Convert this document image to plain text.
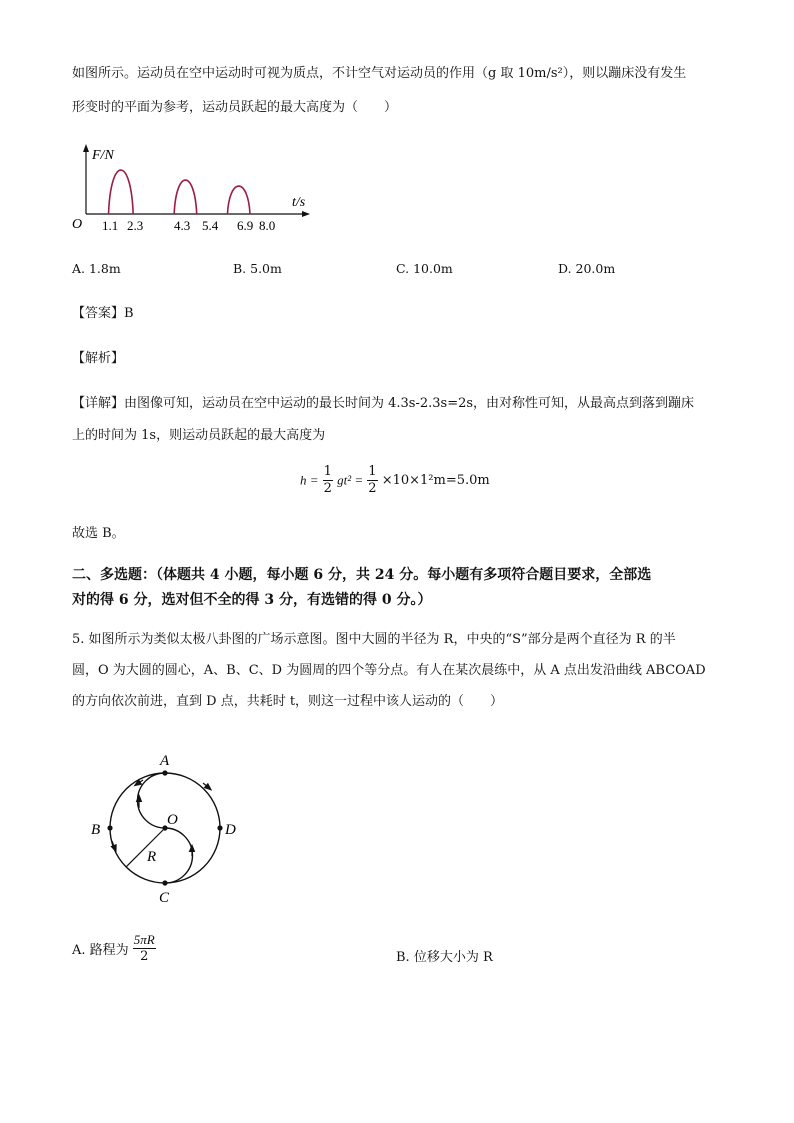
如图所示。运动员在空中运动时可视为质点，不计空气对运动员的作用（g 取 10m/s²），则以蹦床没有发生
形变时的平面为参考，运动员跃起的最大高度为（　　）
F/N
t/s
O 1.1 2.3 4.3 5.4 6.9 8.0
A. 1.8m	B. 5.0m	C. 10.0m	D. 20.0m
【答案】B
【解析】
【详解】由图像可知，运动员在空中运动的最长时间为 4.3s-2.3s=2s，由对称性可知，从最高点到落到蹦床
上的时间为 1s，则运动员跃起的最大高度为
$h = \frac{1}{2} gt^2 = \frac{1}{2} \times 10\times 1^2m=5.0m$
故选 B。
二、多选题：（体题共 4 小题，每小题 6 分，共 24 分。每小题有多项符合题目要求，全部选
对的得 6 分，选对但不全的得 3 分，有选错的得 0 分。）
5. 如图所示为类似太极八卦图的广场示意图。图中大圆的半径为 R，中央的“S”部分是两个直径为 R 的半
圆，O 为大圆的圆心，A、B、C、D 为圆周的四个等分点。有人在某次晨练中，从 A 点出发沿曲线 ABCOAD
的方向依次前进，直到 D 点，共耗时 t，则这一过程中该人运动的（　　）
A
B
C
D
O
R
A. 路程为 $\frac{5\pi R}{2}$	B. 位移大小为 R
